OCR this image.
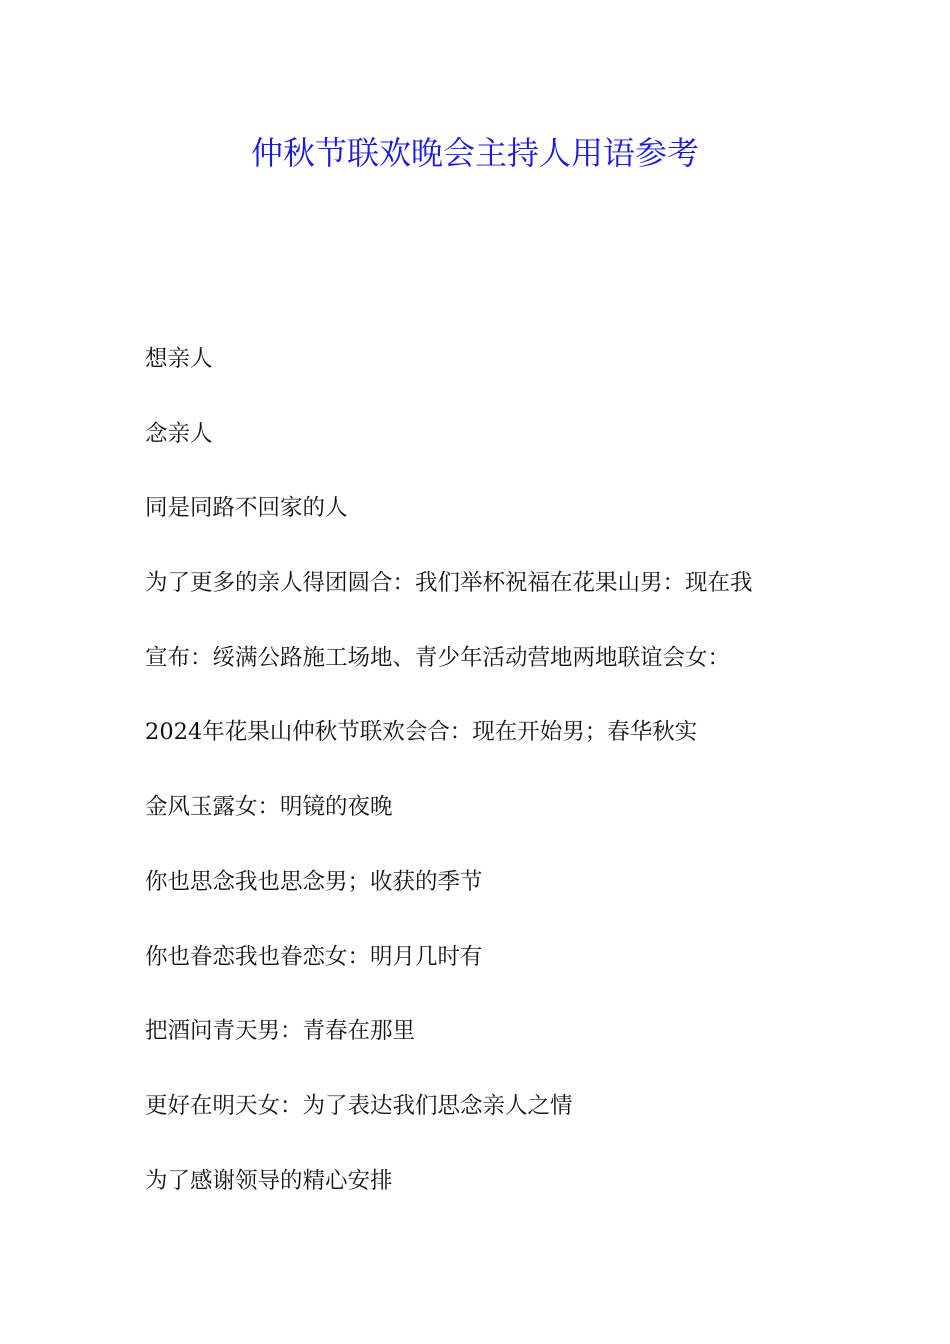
仲秋节联欢晚会主持人用语参考
想亲人
念亲人
同是同路不回家的人
为了更多的亲人得团圆合：我们举杯祝福在花果山男：现在我
宣布：绥满公路施工场地、青少年活动营地两地联谊会女：
2024年花果山仲秋节联欢会合：现在开始男；春华秋实
金风玉露女：明镜的夜晚
你也思念我也思念男；收获的季节
你也眷恋我也眷恋女：明月几时有
把酒问青天男：青春在那里
更好在明天女：为了表达我们思念亲人之情
为了感谢领导的精心安排
